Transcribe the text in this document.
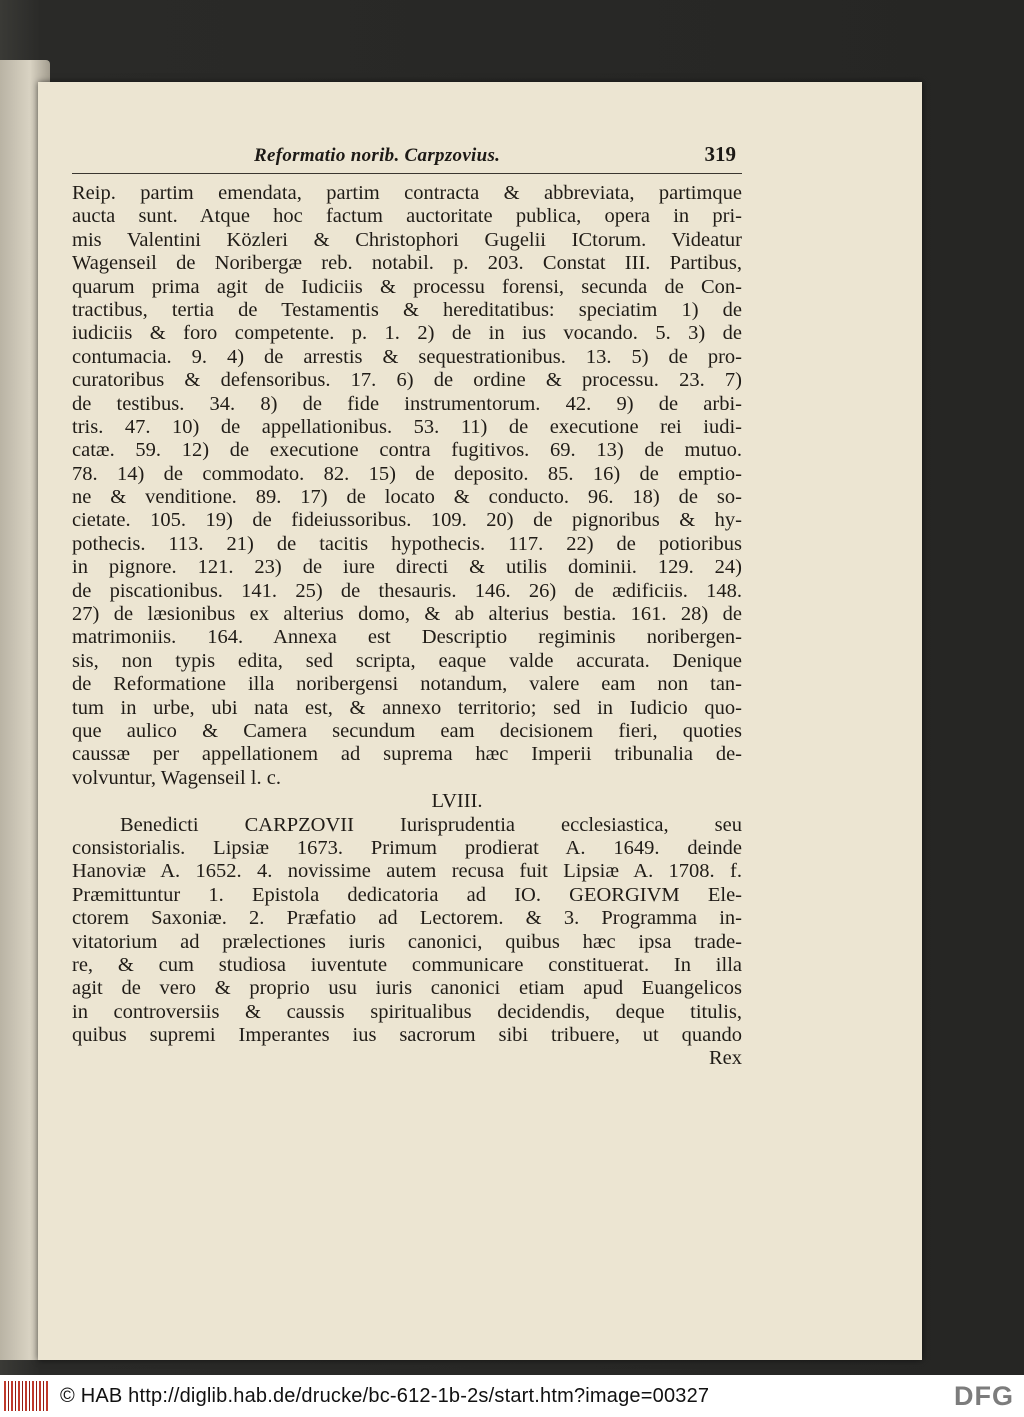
Reformatio norib. Carpzovius.	319
Reip. partim emendata, partim contracta & abbreviata, partimque
aucta sunt. Atque hoc factum auctoritate publica, opera in pri-
mis Valentini Közleri & Christophori Gugelii ICtorum. Videatur
Wagenseil de Noribergæ reb. notabil. p. 203. Constat III. Partibus,
quarum prima agit de Iudiciis & processu forensi, secunda de Con-
tractibus, tertia de Testamentis & hereditatibus: speciatim 1) de
iudiciis & foro competente. p. 1. 2) de in ius vocando. 5. 3) de
contumacia. 9. 4) de arrestis & sequestrationibus. 13. 5) de pro-
curatoribus & defensoribus. 17. 6) de ordine & processu. 23. 7)
de testibus. 34. 8) de fide instrumentorum. 42. 9) de arbi-
tris. 47. 10) de appellationibus. 53. 11) de executione rei iudi-
catæ. 59. 12) de executione contra fugitivos. 69. 13) de mutuo.
78. 14) de commodato. 82. 15) de deposito. 85. 16) de emptio-
ne & venditione. 89. 17) de locato & conducto. 96. 18) de so-
cietate. 105. 19) de fideiussoribus. 109. 20) de pignoribus & hy-
pothecis. 113. 21) de tacitis hypothecis. 117. 22) de potioribus
in pignore. 121. 23) de iure directi & utilis dominii. 129. 24)
de piscationibus. 141. 25) de thesauris. 146. 26) de ædificiis. 148.
27) de læsionibus ex alterius domo, & ab alterius bestia. 161. 28) de
matrimoniis. 164. Annexa est Descriptio regiminis noribergen-
sis, non typis edita, sed scripta, eaque valde accurata. Denique
de Reformatione illa noribergensi notandum, valere eam non tan-
tum in urbe, ubi nata est, & annexo territorio; sed in Iudicio quo-
que aulico & Camera secundum eam decisionem fieri, quoties
caussæ per appellationem ad suprema hæc Imperii tribunalia de-
volvuntur, Wagenseil l. c.
LVIII.
Benedicti CARPZOVII Iurisprudentia ecclesiastica, seu
consistorialis. Lipsiæ 1673. Primum prodierat A. 1649. deinde
Hanoviæ A. 1652. 4. novissime autem recusa fuit Lipsiæ A. 1708. f.
Præmittuntur 1. Epistola dedicatoria ad IO. GEORGIVM Ele-
ctorem Saxoniæ. 2. Præfatio ad Lectorem. & 3. Programma in-
vitatorium ad prælectiones iuris canonici, quibus hæc ipsa trade-
re, & cum studiosa iuventute communicare constituerat. In illa
agit de vero & proprio usu iuris canonici etiam apud Euangelicos
in controversiis & caussis spiritualibus decidendis, deque titulis,
quibus supremi Imperantes ius sacrorum sibi tribuere, ut quando
Rex
© HAB http://diglib.hab.de/drucke/bc-612-1b-2s/start.htm?image=00327	DFG
